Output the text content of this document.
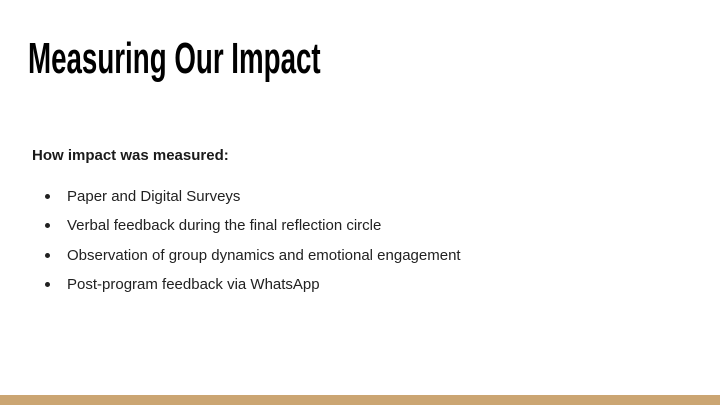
Measuring Our Impact
How impact was measured:
Paper and Digital Surveys
Verbal feedback during the final reflection circle
Observation of group dynamics and emotional engagement
Post-program feedback via WhatsApp
